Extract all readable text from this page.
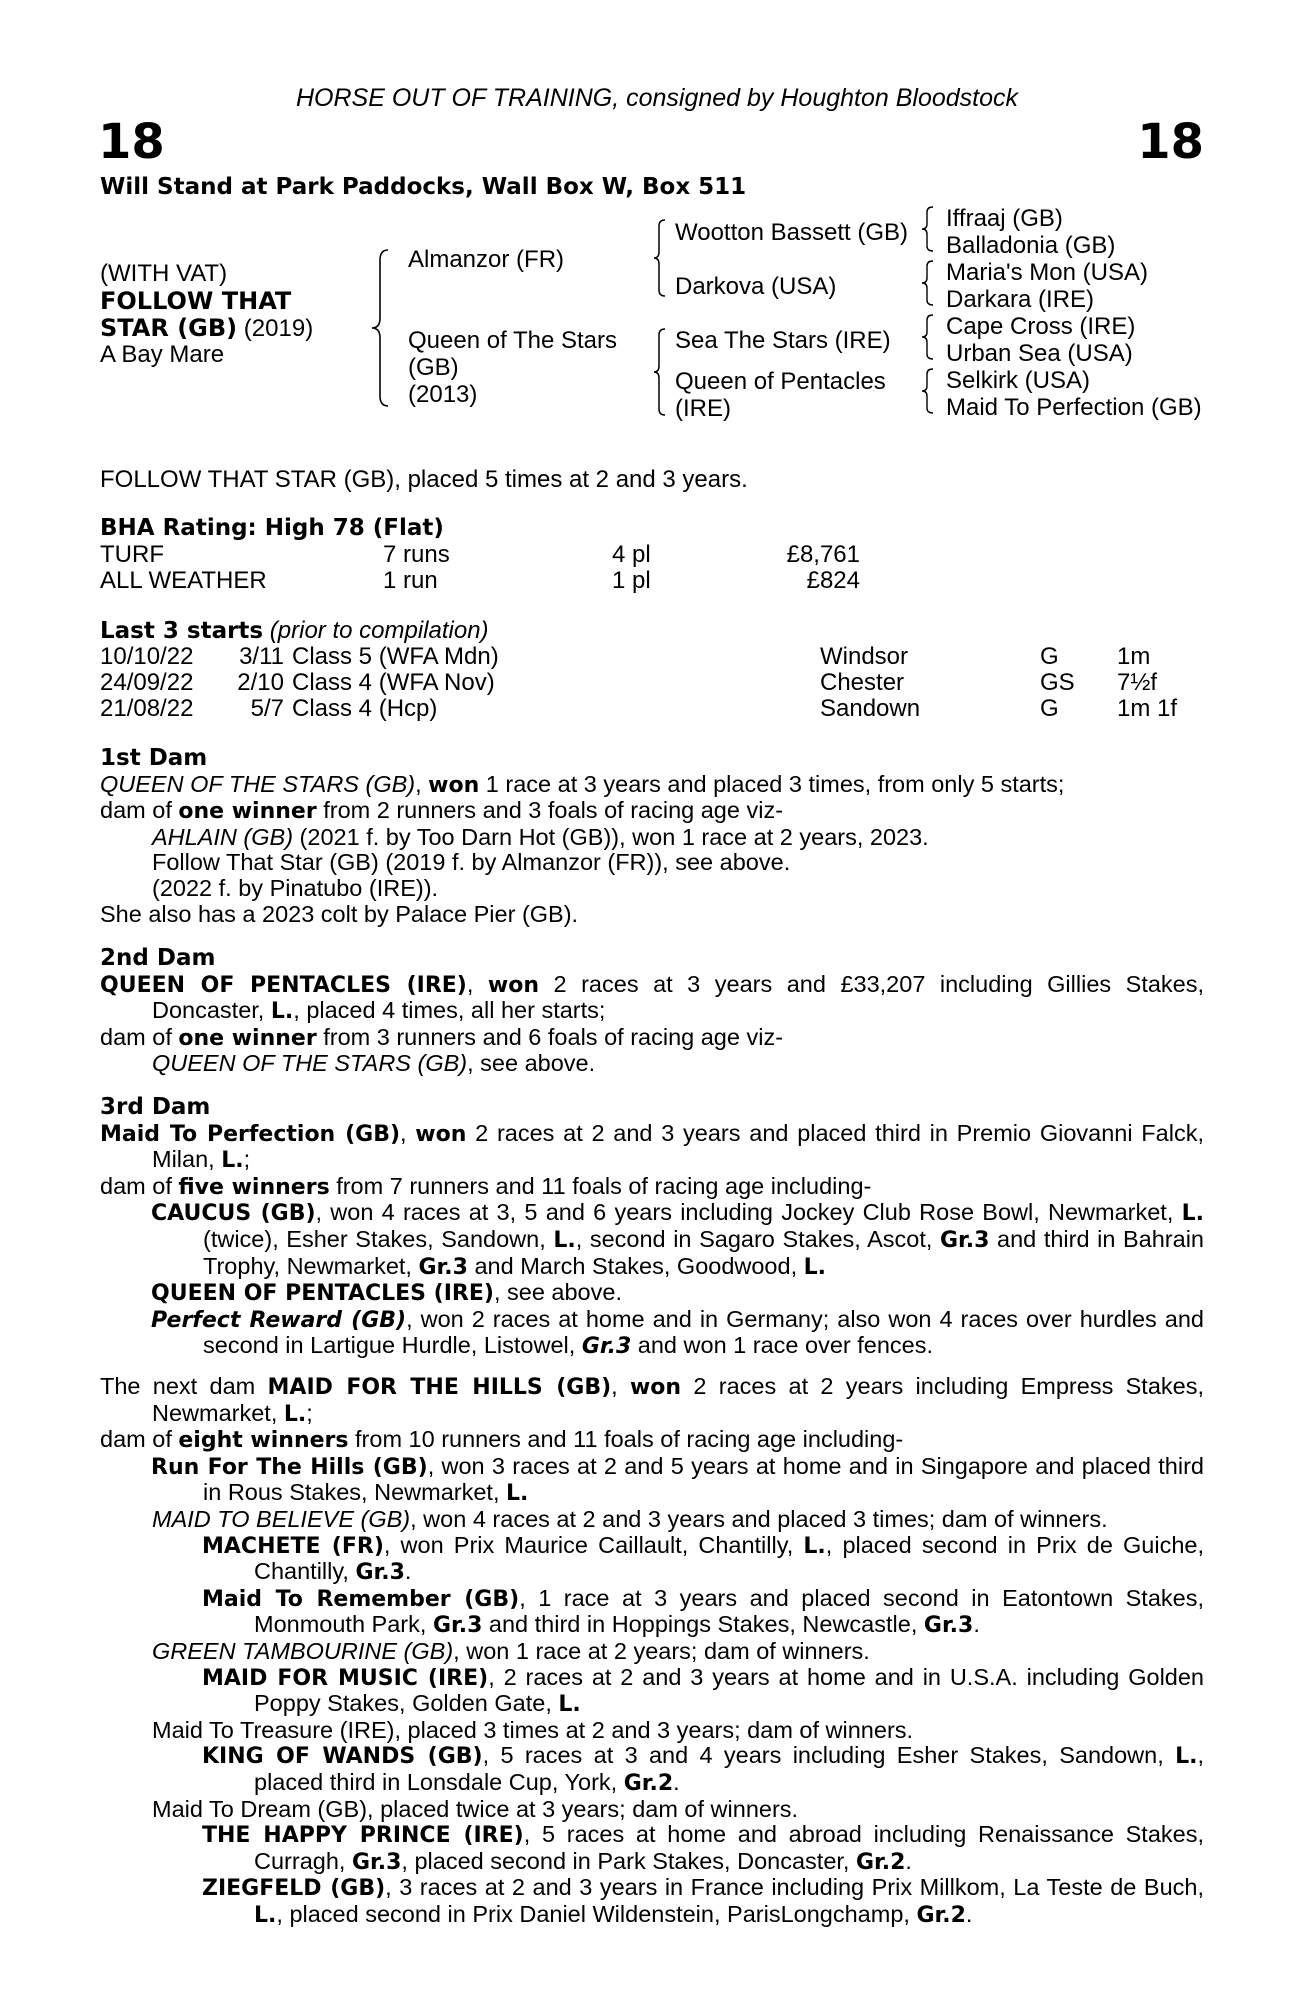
HORSE OUT OF TRAINING, consigned by Houghton Bloodstock
18	18
Will Stand at Park Paddocks, Wall Box W, Box 511
(WITH VAT)
FOLLOW THAT
STAR (GB) (2019)
A Bay Mare
Almanzor (FR)
Queen of The Stars
(GB)
(2013)
Wootton Bassett (GB)
Darkova (USA)
Sea The Stars (IRE)
Queen of Pentacles
(IRE)
Iffraaj (GB)
Balladonia (GB)
Maria's Mon (USA)
Darkara (IRE)
Cape Cross (IRE)
Urban Sea (USA)
Selkirk (USA)
Maid To Perfection (GB)
FOLLOW THAT STAR (GB), placed 5 times at 2 and 3 years.
BHA Rating: High 78 (Flat)
TURF	7 runs	4 pl	£8,761
ALL WEATHER	1 run	1 pl	£824
Last 3 starts (prior to compilation)
10/10/22	3/11 Class 5 (WFA Mdn)	Windsor	G 1m
24/09/22	2/10 Class 4 (WFA Nov)	Chester	GS 7½f
21/08/22	5/7 Class 4 (Hcp)	Sandown	G 1m 1f

1st Dam

QUEEN OF THE STARS (GB), won 1 race at 3 years and placed 3 times, from only 5 starts;

dam of one winner from 2 runners and 3 foals of racing age viz-

AHLAIN (GB) (2021 f. by Too Darn Hot (GB)), won 1 race at 2 years, 2023.

Follow That Star (GB) (2019 f. by Almanzor (FR)), see above.

(2022 f. by Pinatubo (IRE)).

She also has a 2023 colt by Palace Pier (GB).

2nd Dam

QUEEN OF PENTACLES (IRE), won 2 races at 3 years and £33,207 including Gillies Stakes, Doncaster, L., placed 4 times, all her starts;

dam of one winner from 3 runners and 6 foals of racing age viz-

QUEEN OF THE STARS (GB), see above.

3rd Dam

Maid To Perfection (GB), won 2 races at 2 and 3 years and placed third in Premio Giovanni Falck, Milan, L.;

dam of five winners from 7 runners and 11 foals of racing age including-

CAUCUS (GB), won 4 races at 3, 5 and 6 years including Jockey Club Rose Bowl, Newmarket, L. (twice), Esher Stakes, Sandown, L., second in Sagaro Stakes, Ascot, Gr.3 and third in Bahrain Trophy, Newmarket, Gr.3 and March Stakes, Goodwood, L.

QUEEN OF PENTACLES (IRE), see above.

Perfect Reward (GB), won 2 races at home and in Germany; also won 4 races over hurdles and second in Lartigue Hurdle, Listowel, Gr.3 and won 1 race over fences.

The next dam MAID FOR THE HILLS (GB), won 2 races at 2 years including Empress Stakes, Newmarket, L.;

dam of eight winners from 10 runners and 11 foals of racing age including-

Run For The Hills (GB), won 3 races at 2 and 5 years at home and in Singapore and placed third in Rous Stakes, Newmarket, L.

MAID TO BELIEVE (GB), won 4 races at 2 and 3 years and placed 3 times; dam of winners.

MACHETE (FR), won Prix Maurice Caillault, Chantilly, L., placed second in Prix de Guiche, Chantilly, Gr.3.

Maid To Remember (GB), 1 race at 3 years and placed second in Eatontown Stakes, Monmouth Park, Gr.3 and third in Hoppings Stakes, Newcastle, Gr.3.

GREEN TAMBOURINE (GB), won 1 race at 2 years; dam of winners.

MAID FOR MUSIC (IRE), 2 races at 2 and 3 years at home and in U.S.A. including Golden Poppy Stakes, Golden Gate, L.

Maid To Treasure (IRE), placed 3 times at 2 and 3 years; dam of winners.

KING OF WANDS (GB), 5 races at 3 and 4 years including Esher Stakes, Sandown, L., placed third in Lonsdale Cup, York, Gr.2.

Maid To Dream (GB), placed twice at 3 years; dam of winners.

THE HAPPY PRINCE (IRE), 5 races at home and abroad including Renaissance Stakes, Curragh, Gr.3, placed second in Park Stakes, Doncaster, Gr.2.

ZIEGFELD (GB), 3 races at 2 and 3 years in France including Prix Millkom, La Teste de Buch, L., placed second in Prix Daniel Wildenstein, ParisLongchamp, Gr.2.
